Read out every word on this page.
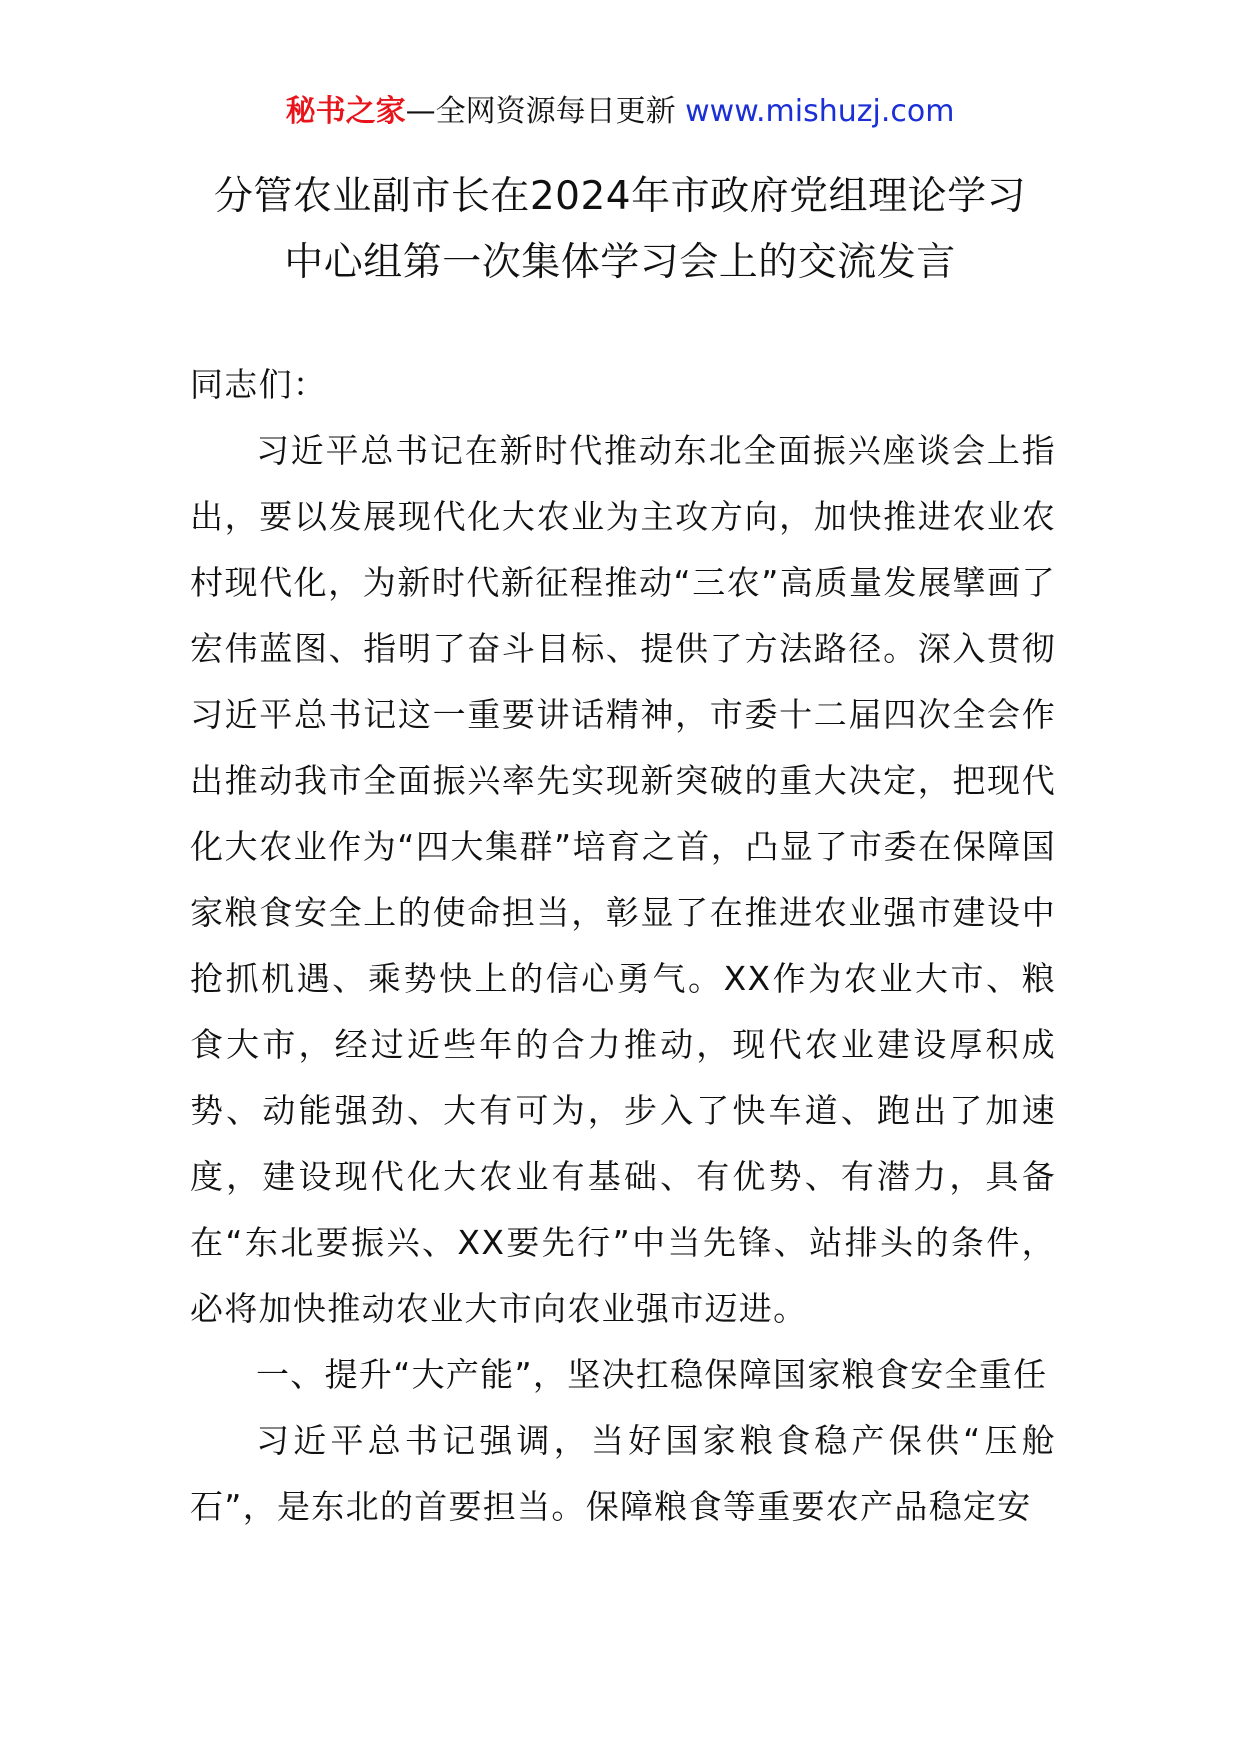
秘书之家—全网资源每日更新 www.mishuzj.com
分管农业副市长在2024年市政府党组理论学习
中心组第一次集体学习会上的交流发言

同志们：

习近平总书记在新时代推动东北全面振兴座谈会上指出，要以发展现代化大农业为主攻方向，加快推进农业农村现代化，为新时代新征程推动“三农”高质量发展擘画了宏伟蓝图、指明了奋斗目标、提供了方法路径。深入贯彻习近平总书记这一重要讲话精神，市委十二届四次全会作出推动我市全面振兴率先实现新突破的重大决定，把现代化大农业作为“四大集群”培育之首，凸显了市委在保障国家粮食安全上的使命担当，彰显了在推进农业强市建设中抢抓机遇、乘势快上的信心勇气。XX作为农业大市、粮食大市，经过近些年的合力推动，现代农业建设厚积成势、动能强劲、大有可为，步入了快车道、跑出了加速度，建设现代化大农业有基础、有优势、有潜力，具备在“东北要振兴、XX要先行”中当先锋、站排头的条件，必将加快推动农业大市向农业强市迈进。

一、提升“大产能”，坚决扛稳保障国家粮食安全重任

习近平总书记强调，当好国家粮食稳产保供“压舱石”，是东北的首要担当。保障粮食等重要农产品稳定安
